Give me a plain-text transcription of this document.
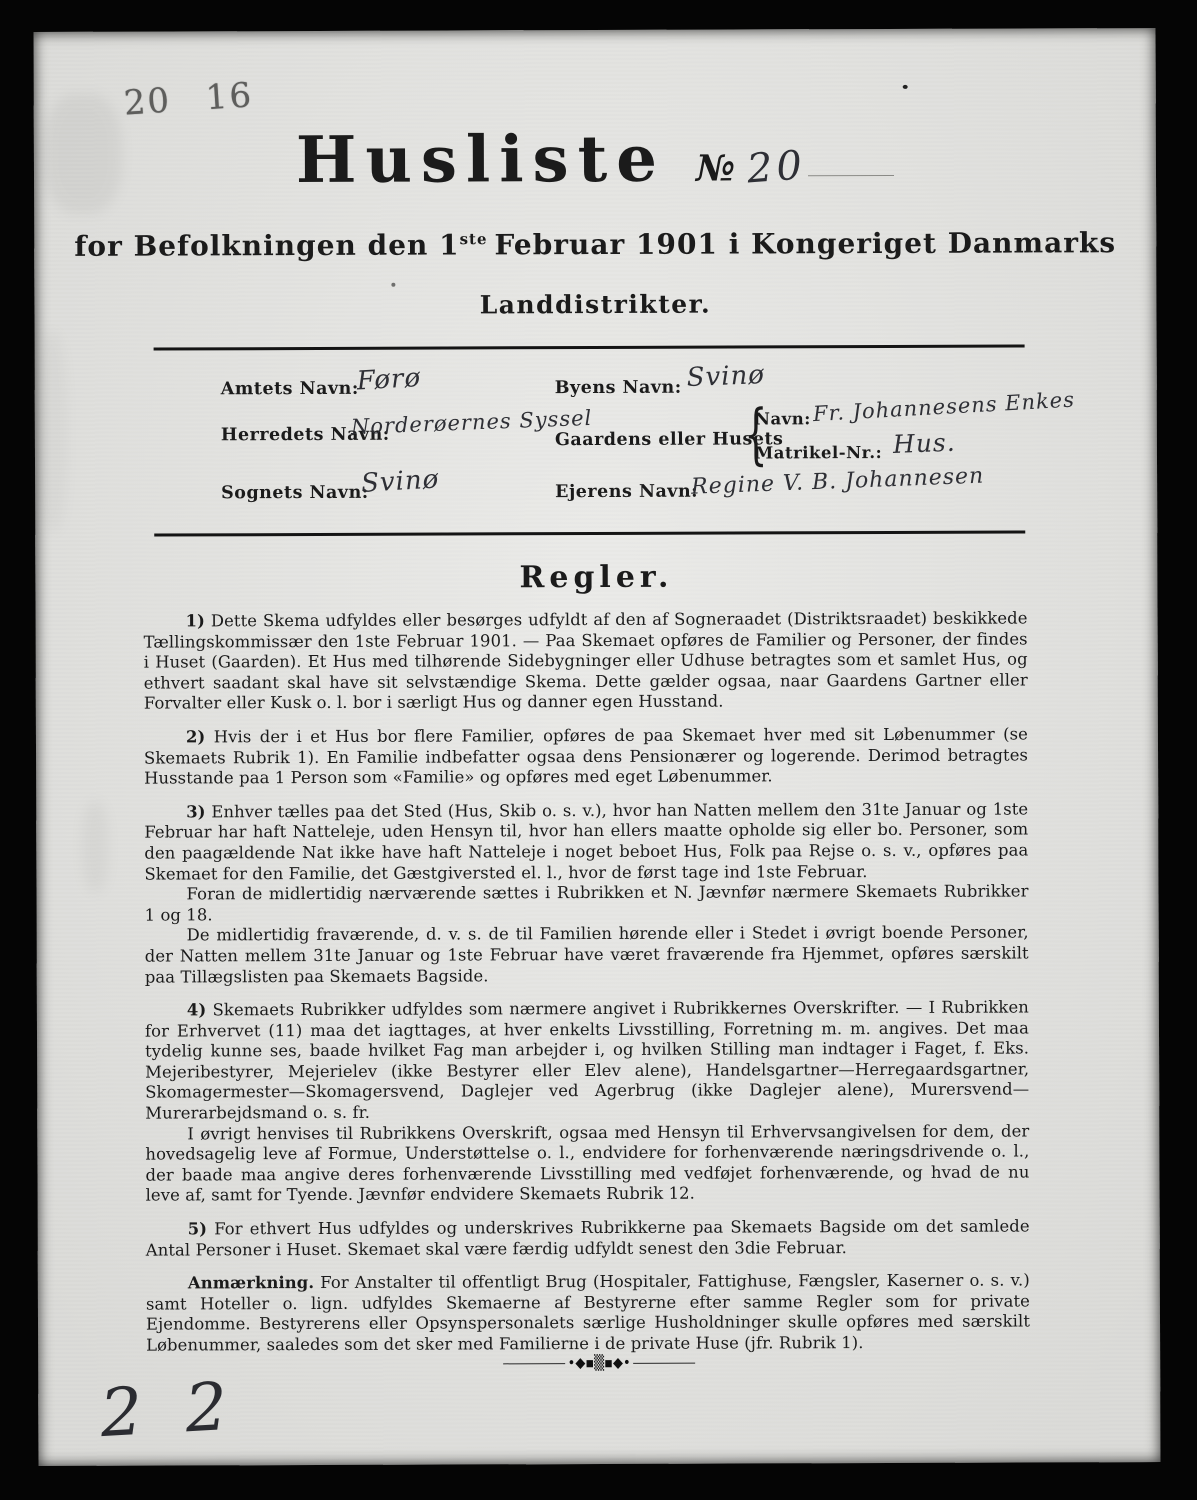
20 16
Husliste № 20
for Befolkningen den 1ste Februar 1901 i Kongeriget Danmarks
Landdistrikter.
Amtets Navn:
Førø	Byens Navn: Svinø
Herredets Navn:
Norderøernes Syssel
Gaardens eller Husets
{
Navn: Fr. Johannesens Enkes
Matrikel-Nr.: Hus.
Sognets Navn:
Svinø	Ejerens Navn:
Regine V. B. Johannesen
Regler.

1) Dette Skema udfyldes eller besørges udfyldt af den af Sogneraadet (Distriktsraadet) beskikkede Tællingskommissær den 1ste Februar 1901. — Paa Skemaet opføres de Familier og Personer, der findes i Huset (Gaarden). Et Hus med tilhørende Sidebygninger eller Udhuse betragtes som et samlet Hus, og ethvert saadant skal have sit selvstændige Skema. Dette gælder ogsaa, naar Gaardens Gartner eller Forvalter eller Kusk o. l. bor i særligt Hus og danner egen Husstand.

2) Hvis der i et Hus bor flere Familier, opføres de paa Skemaet hver med sit Løbenummer (se Skemaets Rubrik 1). En Familie indbefatter ogsaa dens Pensionærer og logerende. Derimod betragtes Husstande paa 1 Person som «Familie» og opføres med eget Løbenummer.

3) Enhver tælles paa det Sted (Hus, Skib o. s. v.), hvor han Natten mellem den 31te Januar og 1ste Februar har haft Natteleje, uden Hensyn til, hvor han ellers maatte opholde sig eller bo. Personer, som den paagældende Nat ikke have haft Natteleje i noget beboet Hus, Folk paa Rejse o. s. v., opføres paa Skemaet for den Familie, det Gæstgiversted el. l., hvor de først tage ind 1ste Februar.

Foran de midlertidig nærværende sættes i Rubrikken et N. Jævnfør nærmere Skemaets Rubrikker 1 og 18.

De midlertidig fraværende, d. v. s. de til Familien hørende eller i Stedet i øvrigt boende Personer, der Natten mellem 31te Januar og 1ste Februar have været fraværende fra Hjemmet, opføres særskilt paa Tillægslisten paa Skemaets Bagside.

4) Skemaets Rubrikker udfyldes som nærmere angivet i Rubrikkernes Overskrifter. — I Rubrikken for Erhvervet (11) maa det iagttages, at hver enkelts Livsstilling, Forretning m. m. angives. Det maa tydelig kunne ses, baade hvilket Fag man arbejder i, og hvilken Stilling man indtager i Faget, f. Eks. Mejeribestyrer, Mejerielev (ikke Bestyrer eller Elev alene), Handelsgartner—Herregaardsgartner, Skomagermester—Skomagersvend, Daglejer ved Agerbrug (ikke Daglejer alene), Murersvend—Murerarbejdsmand o. s. fr.

I øvrigt henvises til Rubrikkens Overskrift, ogsaa med Hensyn til Erhvervsangivelsen for dem, der hovedsagelig leve af Formue, Understøttelse o. l., endvidere for forhenværende næringsdrivende o. l., der baade maa angive deres forhenværende Livsstilling med vedføjet forhenværende, og hvad de nu leve af, samt for Tyende. Jævnfør endvidere Skemaets Rubrik 12.

5) For ethvert Hus udfyldes og underskrives Rubrikkerne paa Skemaets Bagside om det samlede Antal Personer i Huset. Skemaet skal være færdig udfyldt senest den 3die Februar.

Anmærkning. For Anstalter til offentligt Brug (Hospitaler, Fattighuse, Fængsler, Kaserner o. s. v.) samt Hoteller o. lign. udfyldes Skemaerne af Bestyrerne efter samme Regler som for private Ejendomme. Bestyrerens eller Opsynspersonalets særlige Husholdninger skulle opføres med særskilt Løbenummer, saaledes som det sker med Familierne i de private Huse (jfr. Rubrik 1).

•◆▪▒▪◆•
2 2
